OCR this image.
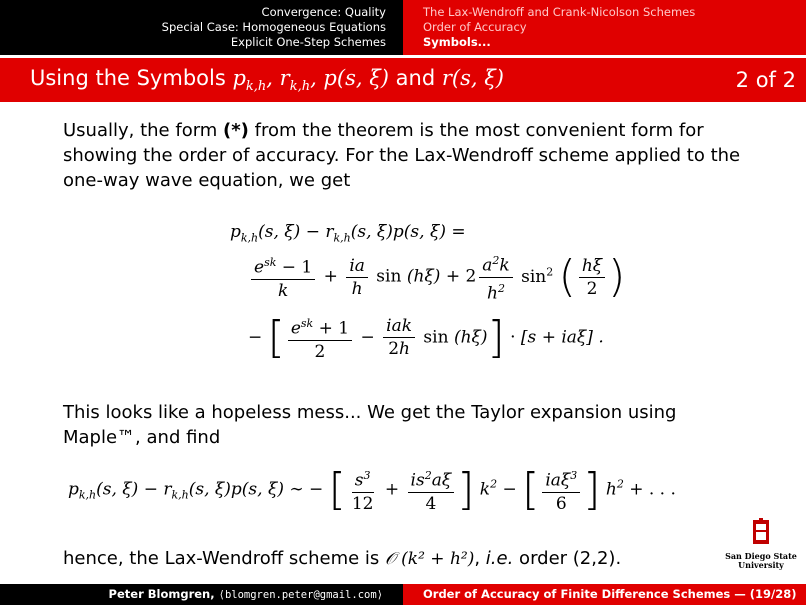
Convergence: Quality
Special Case: Homogeneous Equations
Explicit One-Step Schemes
The Lax-Wendroff and Crank-Nicolson Schemes
Order of Accuracy
Symbols...
Using the Symbols $p_{k,h}$, $r_{k,h}$, p(s, ξ) and r(s, ξ)	2 of 2

Usually, the form (*) from the theorem is the most convenient form for showing the order of accuracy. For the Lax-Wendroff scheme applied to the one-way wave equation, we get

$p_{k,h}(s$, $\xi) - r_{k,h}(s$, ξ)p(s, ξ) =
$\frac{e^{sk} - 1}{k} + \frac{ia}{h}$ $\sin (h\xi) + 2 \frac{a^2k}{h^2} \sin^2$ ( $\frac{h\xi}{2}$ )
− [ $\frac{e^{sk} + 1}{2} - \frac{\text{iak}}{2h}$ sin (hξ)] · [s + iaξ] .
This looks like a hopeless mess... We get the Taylor expansion using Maple™, and find
$p_{k,h}(s$, $\xi) - r_{k,h}(s$, ξ)p(s, ξ) ∼ − [ $\frac{s^3}{12} + \frac{is^2a\xi}{4}$ ] $k^2$ − [ $\frac{ia\xi^3}{6}$ ] $h^2$ + . . .
hence, the Lax-Wendroff scheme is 𝒪 (k² + h²), i.e. order (2,2).	San Diego State
University
Peter Blomgren, ⟨blomgren.peter@gmail.com⟩	Order of Accuracy of Finite Difference Schemes — (19/28)
